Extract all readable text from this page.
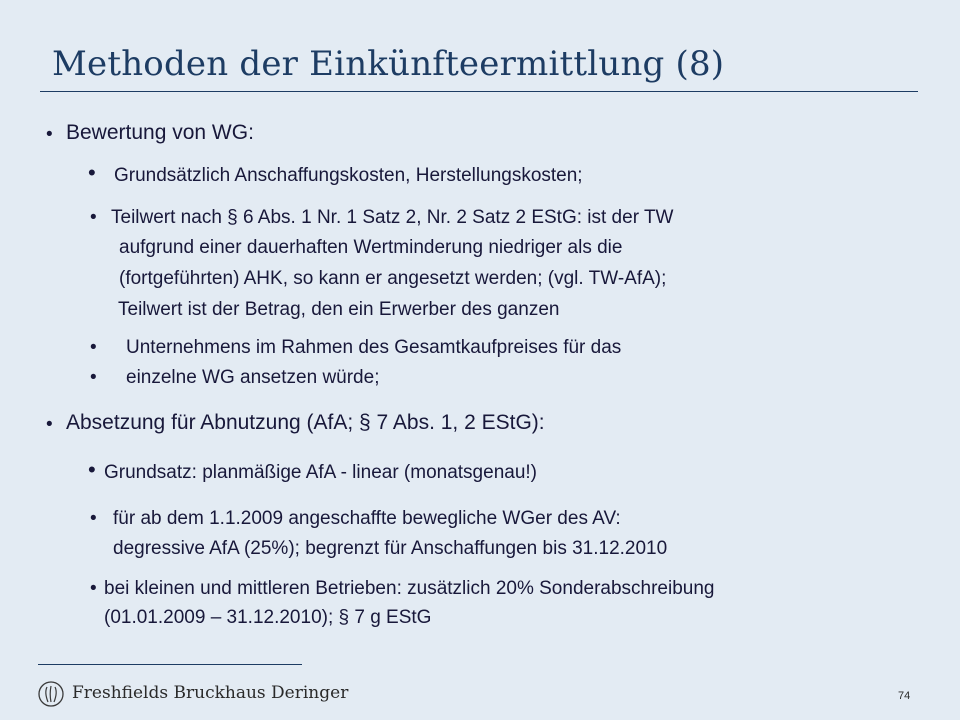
Methoden der Einkünfteermittlung (8)
• Bewertung von WG:
• Grundsätzlich Anschaffungskosten, Herstellungskosten;
• Teilwert nach § 6 Abs. 1 Nr. 1 Satz 2, Nr. 2 Satz 2 EStG: ist der TW
aufgrund einer dauerhaften Wertminderung niedriger als die
(fortgeführten) AHK, so kann er angesetzt werden; (vgl. TW-AfA);
Teilwert ist der Betrag, den ein Erwerber des ganzen
• Unternehmens im Rahmen des Gesamtkaufpreises für das
• einzelne WG ansetzen würde;
• Absetzung für Abnutzung (AfA; § 7 Abs. 1, 2 EStG):
• Grundsatz: planmäßige AfA - linear (monatsgenau!)
• für ab dem 1.1.2009 angeschaffte bewegliche WGer des AV:
degressive AfA (25%); begrenzt für Anschaffungen bis 31.12.2010
• bei kleinen und mittleren Betrieben: zusätzlich 20% Sonderabschreibung
(01.01.2009 – 31.12.2010); § 7 g EStG
Freshfields Bruckhaus Deringer	74
